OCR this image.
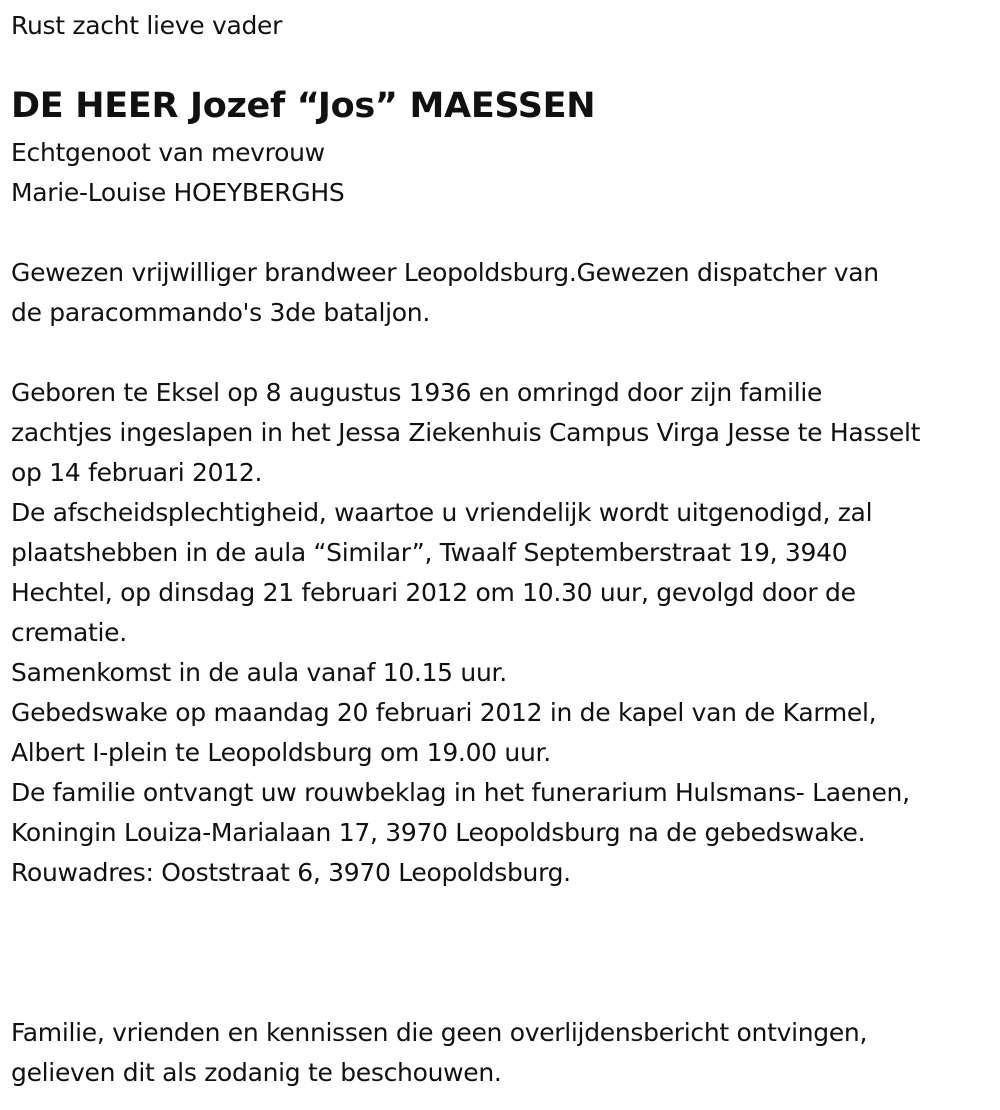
Rust zacht lieve vader
DE HEER Jozef “Jos” MAESSEN
Echtgenoot van mevrouw
Marie-Louise HOEYBERGHS
Gewezen vrijwilliger brandweer Leopoldsburg.Gewezen dispatcher van
de paracommando's 3de bataljon.
Geboren te Eksel op 8 augustus 1936 en omringd door zijn familie
zachtjes ingeslapen in het Jessa Ziekenhuis Campus Virga Jesse te Hasselt
op 14 februari 2012.
De afscheidsplechtigheid, waartoe u vriendelijk wordt uitgenodigd, zal
plaatshebben in de aula “Similar”, Twaalf Septemberstraat 19, 3940
Hechtel, op dinsdag 21 februari 2012 om 10.30 uur, gevolgd door de
crematie.
Samenkomst in de aula vanaf 10.15 uur.
Gebedswake op maandag 20 februari 2012 in de kapel van de Karmel,
Albert I-plein te Leopoldsburg om 19.00 uur.
De familie ontvangt uw rouwbeklag in het funerarium Hulsmans- Laenen,
Koningin Louiza-Marialaan 17, 3970 Leopoldsburg na de gebedswake.
Rouwadres: Ooststraat 6, 3970 Leopoldsburg.
Familie, vrienden en kennissen die geen overlijdensbericht ontvingen,
gelieven dit als zodanig te beschouwen.
